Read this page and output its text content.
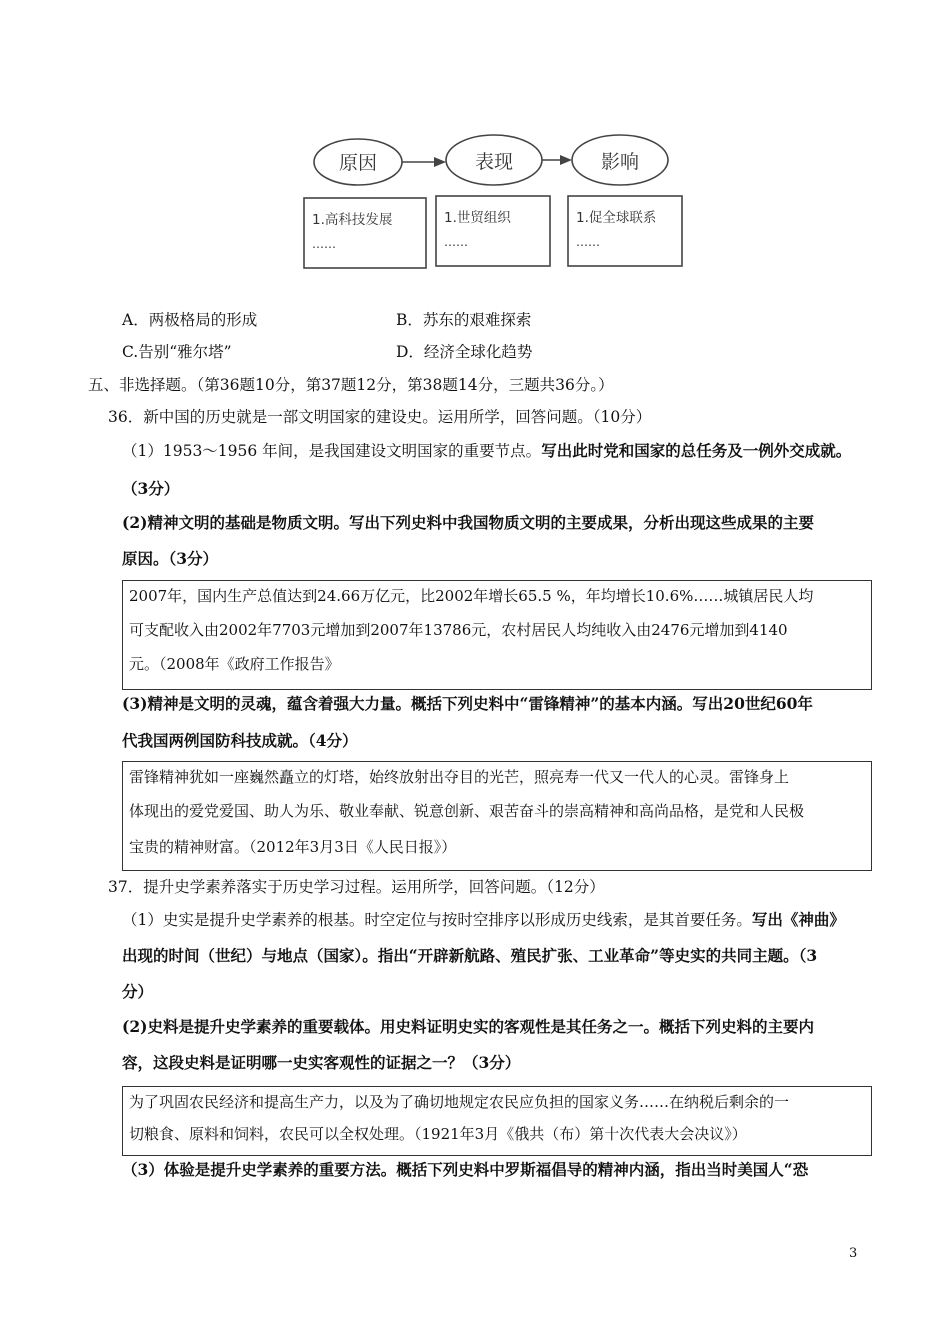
原因	表现	影响
1.高科技发展
……
1.世贸组织
……
1.促全球联系
……
A．两极格局的形成	B．苏东的艰难探索
C.告别“雅尔塔”	D．经济全球化趋势
五、非选择题。（第36题10分，第37题12分，第38题14分，三题共36分。）
36．新中国的历史就是一部文明国家的建设史。运用所学，回答问题。（10分）
（1）1953～1956 年间，是我国建设文明国家的重要节点。写出此时党和国家的总任务及一例外交成就。
（3分）
(2)精神文明的基础是物质文明。写出下列史料中我国物质文明的主要成果，分析出现这些成果的主要
原因。（3分）
2007年，国内生产总值达到24.66万亿元，比2002年增长65.5 %，年均增长10.6%……城镇居民人均
可支配收入由2002年7703元增加到2007年13786元，农村居民人均纯收入由2476元增加到4140
元。（2008年《政府工作报告》
(3)精神是文明的灵魂，蕴含着强大力量。概括下列史料中“雷锋精神”的基本内涵。写出20世纪60年
代我国两例国防科技成就。（4分）
雷锋精神犹如一座巍然矗立的灯塔，始终放射出夺目的光芒，照亮寿一代又一代人的心灵。雷锋身上
体现出的爱党爱国、助人为乐、敬业奉献、锐意创新、艰苦奋斗的崇高精神和高尚品格，是党和人民极
宝贵的精神财富。（2012年3月3日《人民日报》）
37．提升史学素养落实于历史学习过程。运用所学，回答问题。（12分）
（1）史实是提升史学素养的根基。时空定位与按时空排序以形成历史线索，是其首要任务。写出《神曲》
出现的时间（世纪）与地点（国家）。指出“开辟新航路、殖民扩张、工业革命”等史实的共同主题。（3
分）
(2)史料是提升史学素养的重要载体。用史料证明史实的客观性是其任务之一。概括下列史料的主要内
容，这段史料是证明哪一史实客观性的证据之一？（3分）
为了巩固农民经济和提高生产力，以及为了确切地规定农民应负担的国家义务……在纳税后剩余的一
切粮食、原料和饲料，农民可以全权处理。（1921年3月《俄共（布）第十次代表大会决议》）
（3）体验是提升史学素养的重要方法。概括下列史料中罗斯福倡导的精神内涵，指出当时美国人“恐
3
